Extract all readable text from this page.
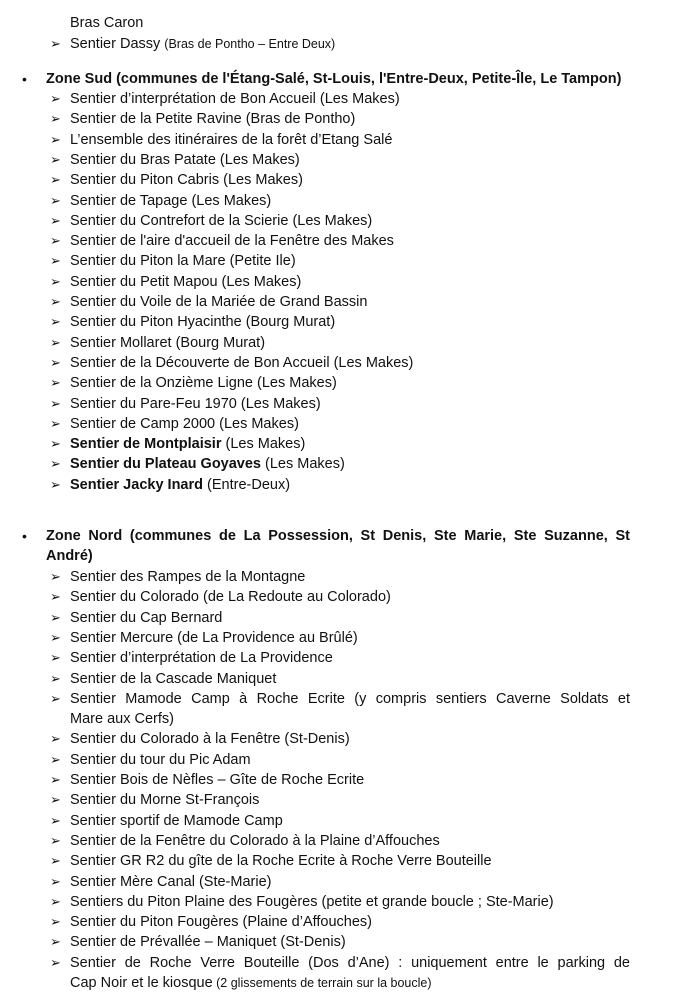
Bras Caron
➢ Sentier Dassy (Bras de Pontho – Entre Deux)
• Zone Sud (communes de l'Étang-Salé, St-Louis, l'Entre-Deux, Petite-Île, Le Tampon)
➢ Sentier d’interprétation de Bon Accueil (Les Makes)
➢ Sentier de la Petite Ravine (Bras de Pontho)
➢ L’ensemble des itinéraires de la forêt d’Etang Salé
➢ Sentier du Bras Patate (Les Makes)
➢ Sentier du Piton Cabris (Les Makes)
➢ Sentier de Tapage (Les Makes)
➢ Sentier du Contrefort de la Scierie (Les Makes)
➢ Sentier de l'aire d'accueil de la Fenêtre des Makes
➢ Sentier du Piton la Mare (Petite Ile)
➢ Sentier du Petit Mapou (Les Makes)
➢ Sentier du Voile de la Mariée de Grand Bassin
➢ Sentier du Piton Hyacinthe (Bourg Murat)
➢ Sentier Mollaret (Bourg Murat)
➢ Sentier de la Découverte de Bon Accueil (Les Makes)
➢ Sentier de la Onzième Ligne (Les Makes)
➢ Sentier du Pare-Feu 1970 (Les Makes)
➢ Sentier de Camp 2000 (Les Makes)
➢ Sentier de Montplaisir (Les Makes)
➢ Sentier du Plateau Goyaves (Les Makes)
➢ Sentier Jacky Inard (Entre-Deux)
• Zone Nord (communes de La Possession, St Denis, Ste Marie, Ste Suzanne, St
André)
➢ Sentier des Rampes de la Montagne
➢ Sentier du Colorado (de La Redoute au Colorado)
➢ Sentier du Cap Bernard
➢ Sentier Mercure (de La Providence au Brûlé)
➢ Sentier d’interprétation de La Providence
➢ Sentier de la Cascade Maniquet
➢ Sentier Mamode Camp à Roche Ecrite (y compris sentiers Caverne Soldats et
Mare aux Cerfs)
➢ Sentier du Colorado à la Fenêtre (St-Denis)
➢ Sentier du tour du Pic Adam
➢ Sentier Bois de Nèfles – Gîte de Roche Ecrite
➢ Sentier du Morne St-François
➢ Sentier sportif de Mamode Camp
➢ Sentier de la Fenêtre du Colorado à la Plaine d’Affouches
➢ Sentier GR R2 du gîte de la Roche Ecrite à Roche Verre Bouteille
➢ Sentier Mère Canal (Ste-Marie)
➢ Sentiers du Piton Plaine des Fougères (petite et grande boucle ; Ste-Marie)
➢ Sentier du Piton Fougères (Plaine d’Affouches)
➢ Sentier de Prévallée – Maniquet (St-Denis)
➢ Sentier de Roche Verre Bouteille (Dos d’Ane) : uniquement entre le parking de
Cap Noir et le kiosque (2 glissements de terrain sur la boucle)
